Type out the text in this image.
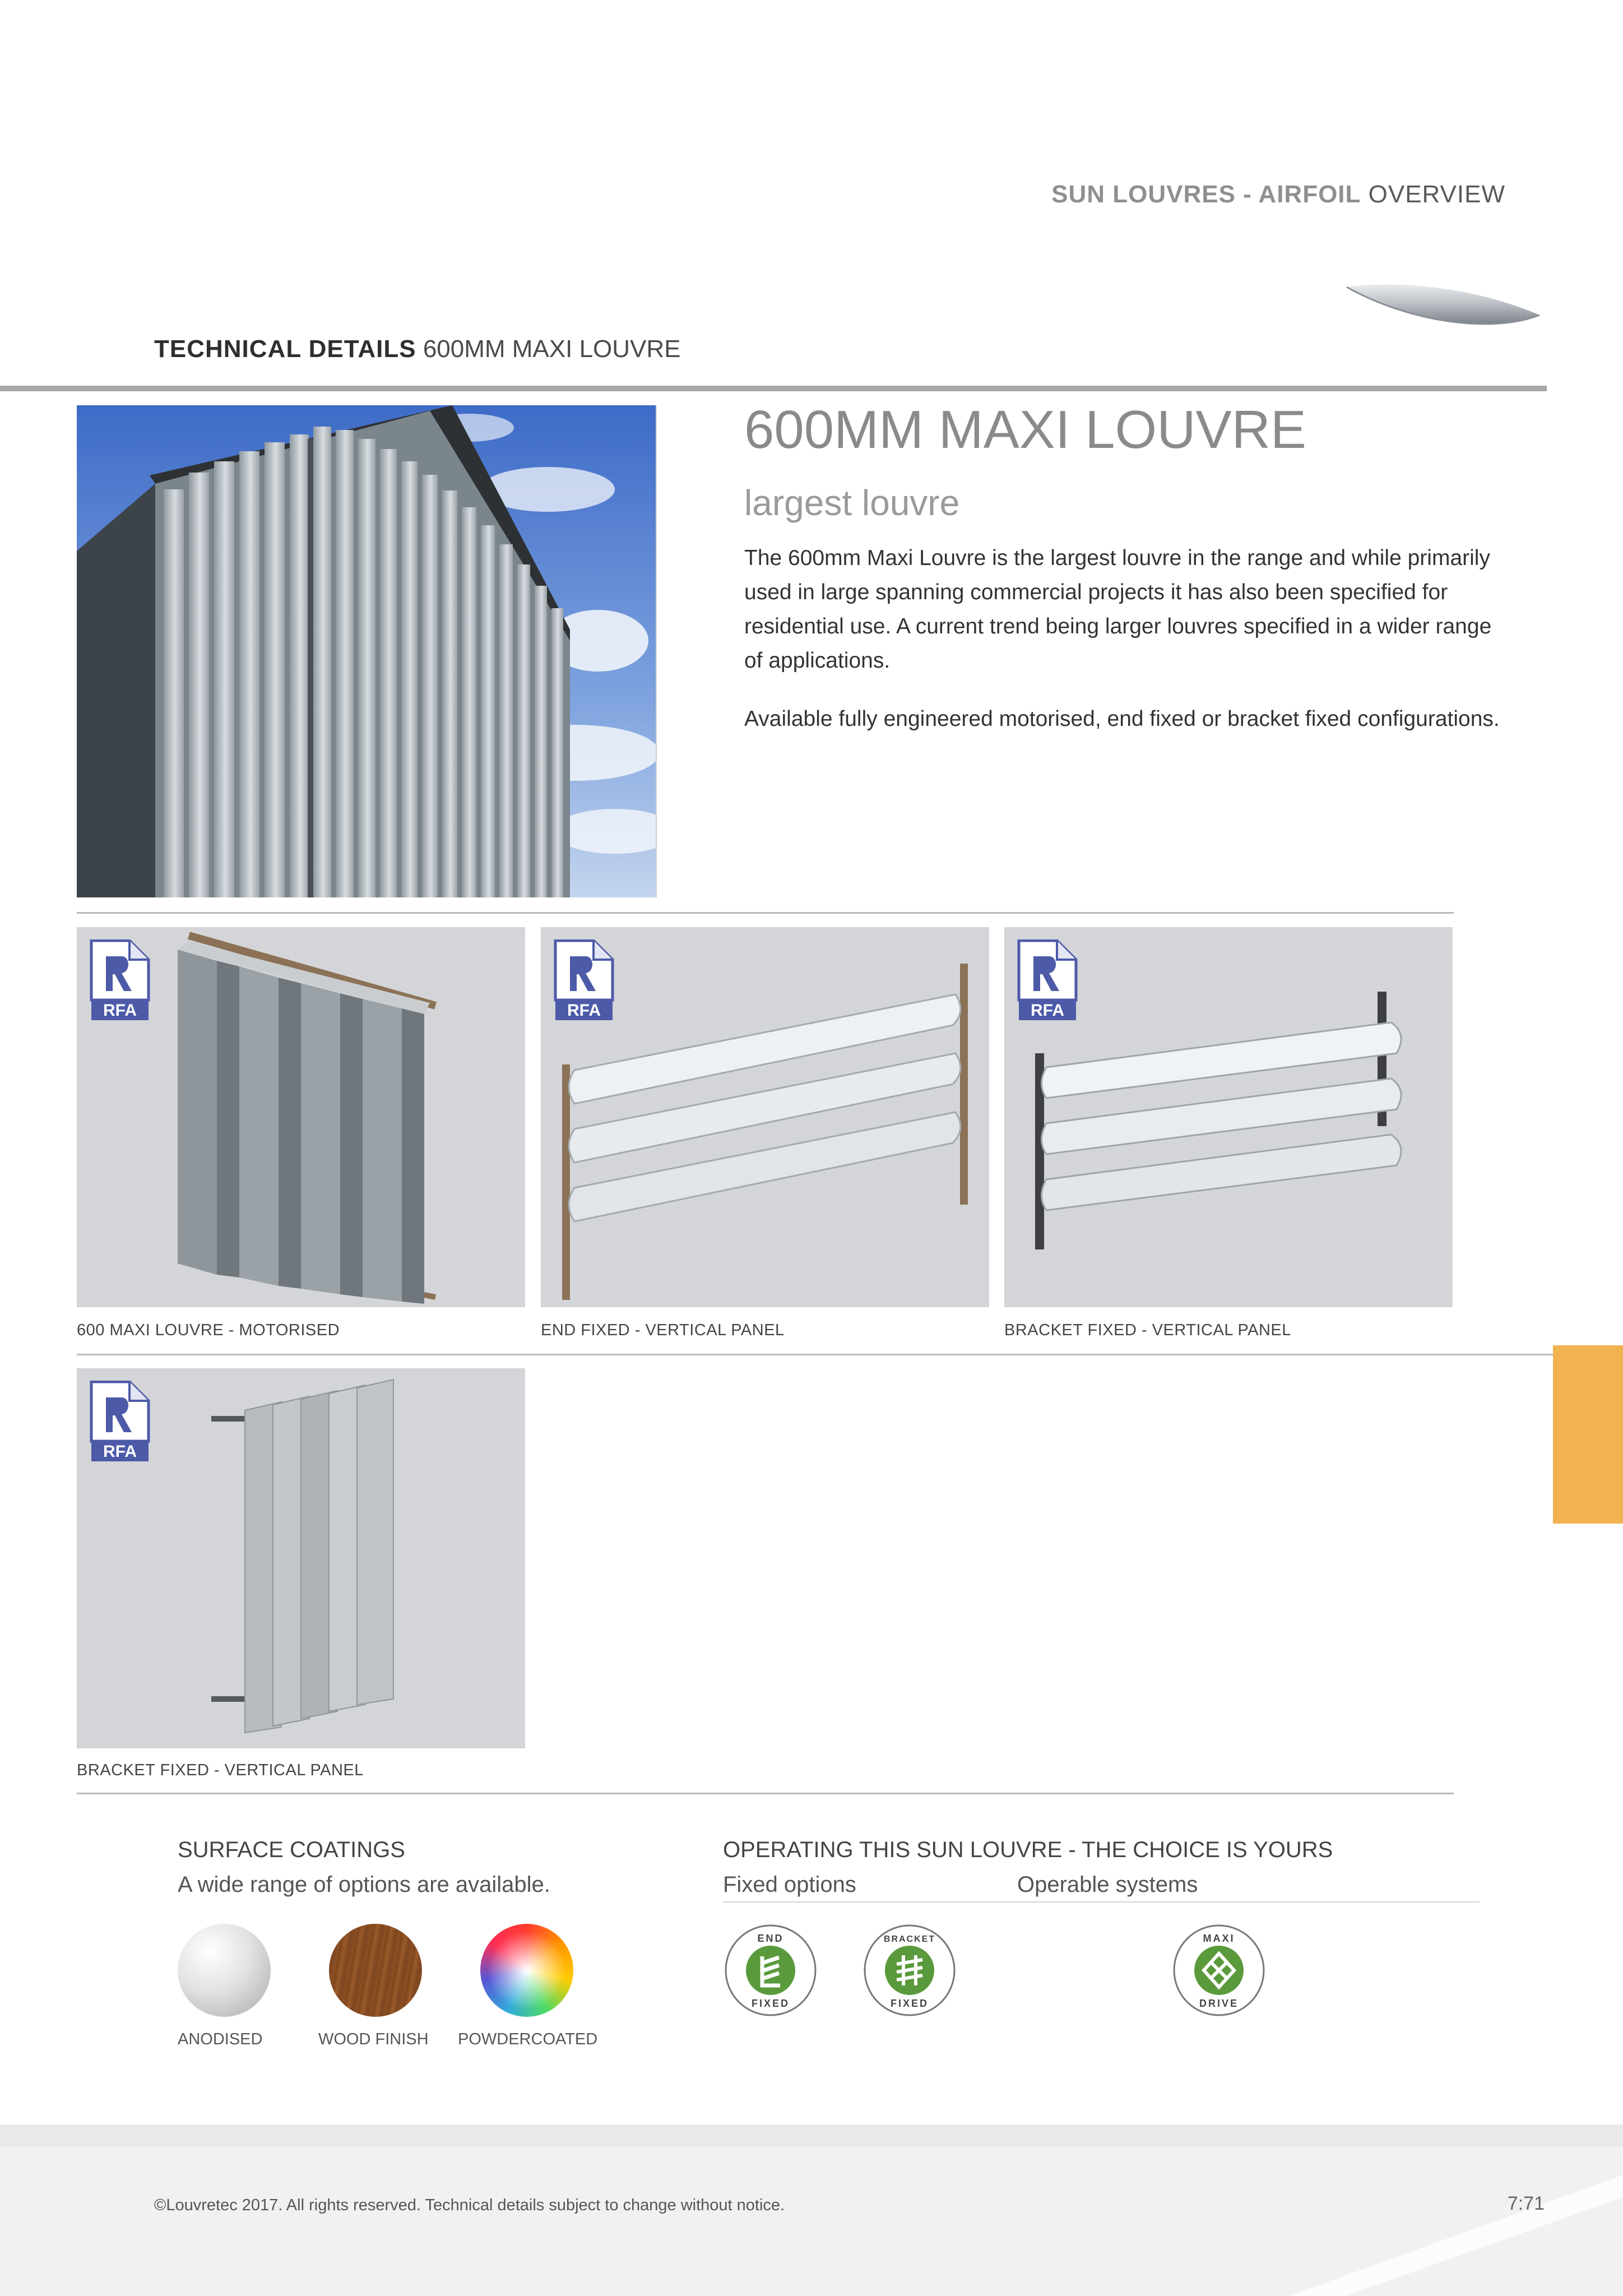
SUN LOUVRES - AIRFOIL OVERVIEW
TECHNICAL DETAILS 600MM MAXI LOUVRE
600MM MAXI LOUVRE
largest louvre
The 600mm Maxi Louvre is the largest louvre in the range and while primarily used in large spanning commercial projects it has also been specified for residential use. A current trend being larger louvres specified in a wider range of applications.
Available fully engineered motorised, end fixed or bracket fixed configurations.
RFA
600 MAXI LOUVRE - MOTORISED
RFA
END FIXED - VERTICAL PANEL
RFA
BRACKET FIXED - VERTICAL PANEL
RFA
BRACKET FIXED - VERTICAL PANEL
SURFACE COATINGS
A wide range of options are available.
ANODISED	WOOD FINISH POWDERCOATED
OPERATING THIS SUN LOUVRE - THE CHOICE IS YOURS
Fixed options	Operable systems
END
FIXED
BRACKET
FIXED
MAXI
DRIVE
©Louvretec 2017. All rights reserved. Technical details subject to change without notice.	7:71
